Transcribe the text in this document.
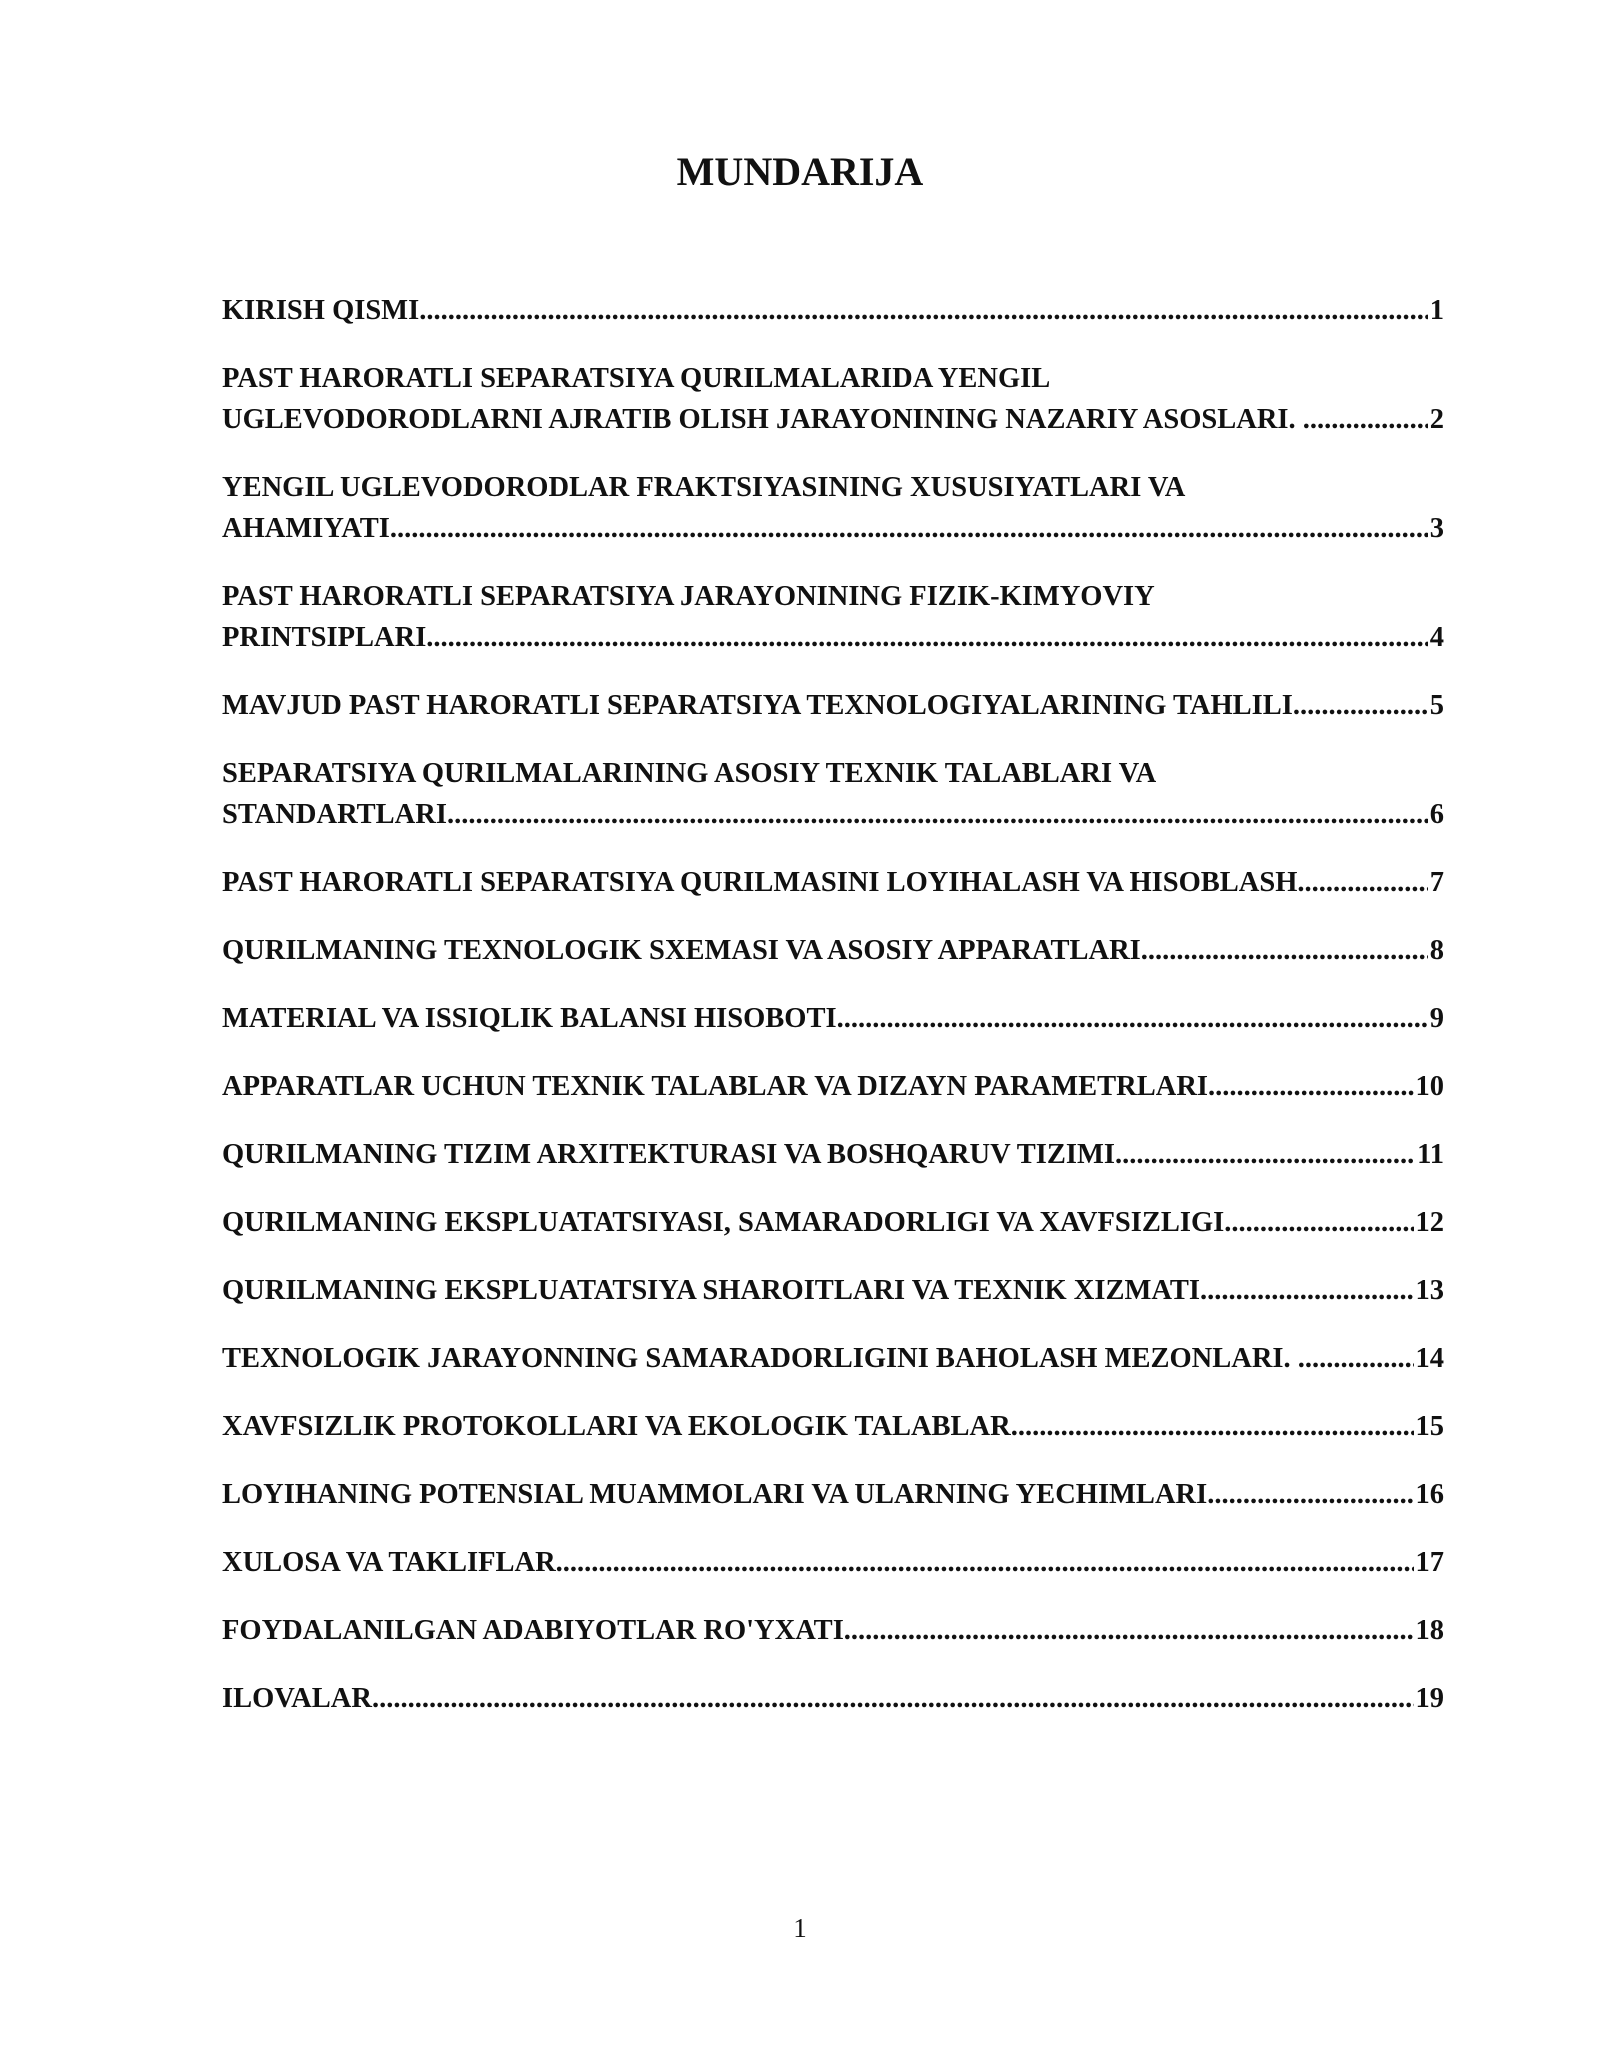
MUNDARIJA
KIRISH QISMI .....	1
PAST HARORATLI SEPARATSIYA QURILMALARIDA YENGIL
UGLEVODORODLARNI AJRATIB OLISH JARAYONINING NAZARIY ASOSLARI. . .....	2
YENGIL UGLEVODORODLAR FRAKTSIYASINING XUSUSIYATLARI VA
AHAMIYATI .....	3
PAST HARORATLI SEPARATSIYA JARAYONINING FIZIK-KIMYOVIY
PRINTSIPLARI .....	4
MAVJUD PAST HARORATLI SEPARATSIYA TEXNOLOGIYALARINING TAHLILI .....	5
SEPARATSIYA QURILMALARINING ASOSIY TEXNIK TALABLARI VA
STANDARTLARI .....	6
PAST HARORATLI SEPARATSIYA QURILMASINI LOYIHALASH VA HISOBLASH .....	7
QURILMANING TEXNOLOGIK SXEMASI VA ASOSIY APPARATLARI .....	8
MATERIAL VA ISSIQLIK BALANSI HISOBOTI .....	9
APPARATLAR UCHUN TEXNIK TALABLAR VA DIZAYN PARAMETRLARI .....	10
QURILMANING TIZIM ARXITEKTURASI VA BOSHQARUV TIZIMI .....	11
QURILMANING EKSPLUATATSIYASI, SAMARADORLIGI VA XAVFSIZLIGI .....	12
QURILMANING EKSPLUATATSIYA SHAROITLARI VA TEXNIK XIZMATI .....	13
TEXNOLOGIK JARAYONNING SAMARADORLIGINI BAHOLASH MEZONLARI. . .....	14
XAVFSIZLIK PROTOKOLLARI VA EKOLOGIK TALABLAR .....	15
LOYIHANING POTENSIAL MUAMMOLARI VA ULARNING YECHIMLARI .....	16
XULOSA VA TAKLIFLAR .....	17
FOYDALANILGAN ADABIYOTLAR RO'YXATI .....	18
ILOVALAR .....	19
1
